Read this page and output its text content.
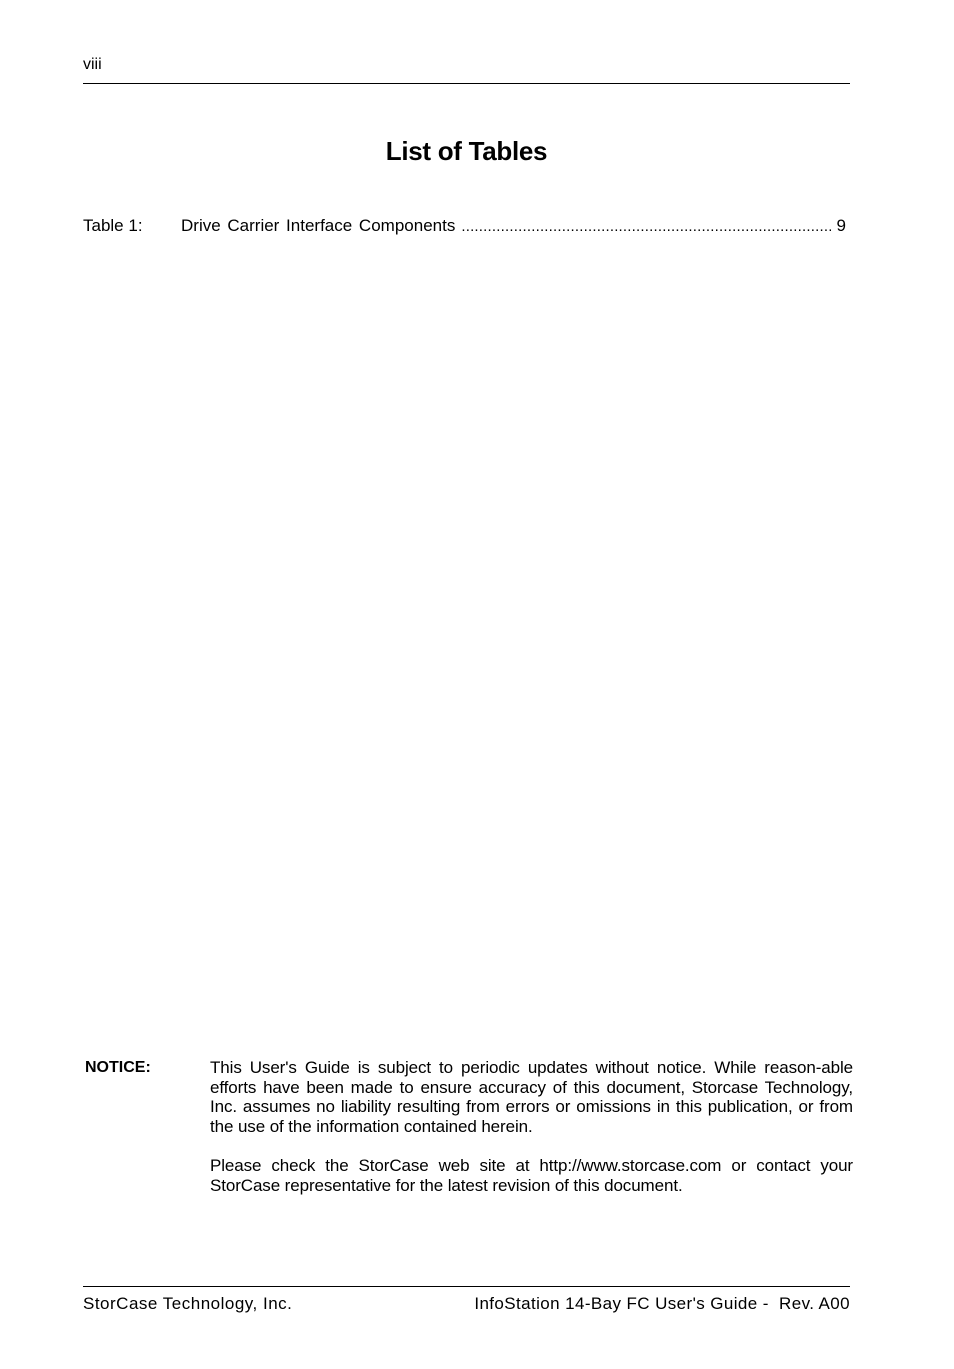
viii
List of Tables
Table 1:	Drive Carrier Interface Components
.....	9
NOTICE:	This User's Guide is subject to periodic updates without notice. While reason-able efforts have been made to ensure accuracy of this document, Storcase Technology, Inc. assumes no liability resulting from errors or omissions in this publication, or from the use of the information contained herein.

Please check the StorCase web site at http://www.storcase.com or contact your StorCase representative for the latest revision of this document.

StorCase Technology, Inc.	InfoStation 14-Bay FC User's Guide -  Rev. A00
